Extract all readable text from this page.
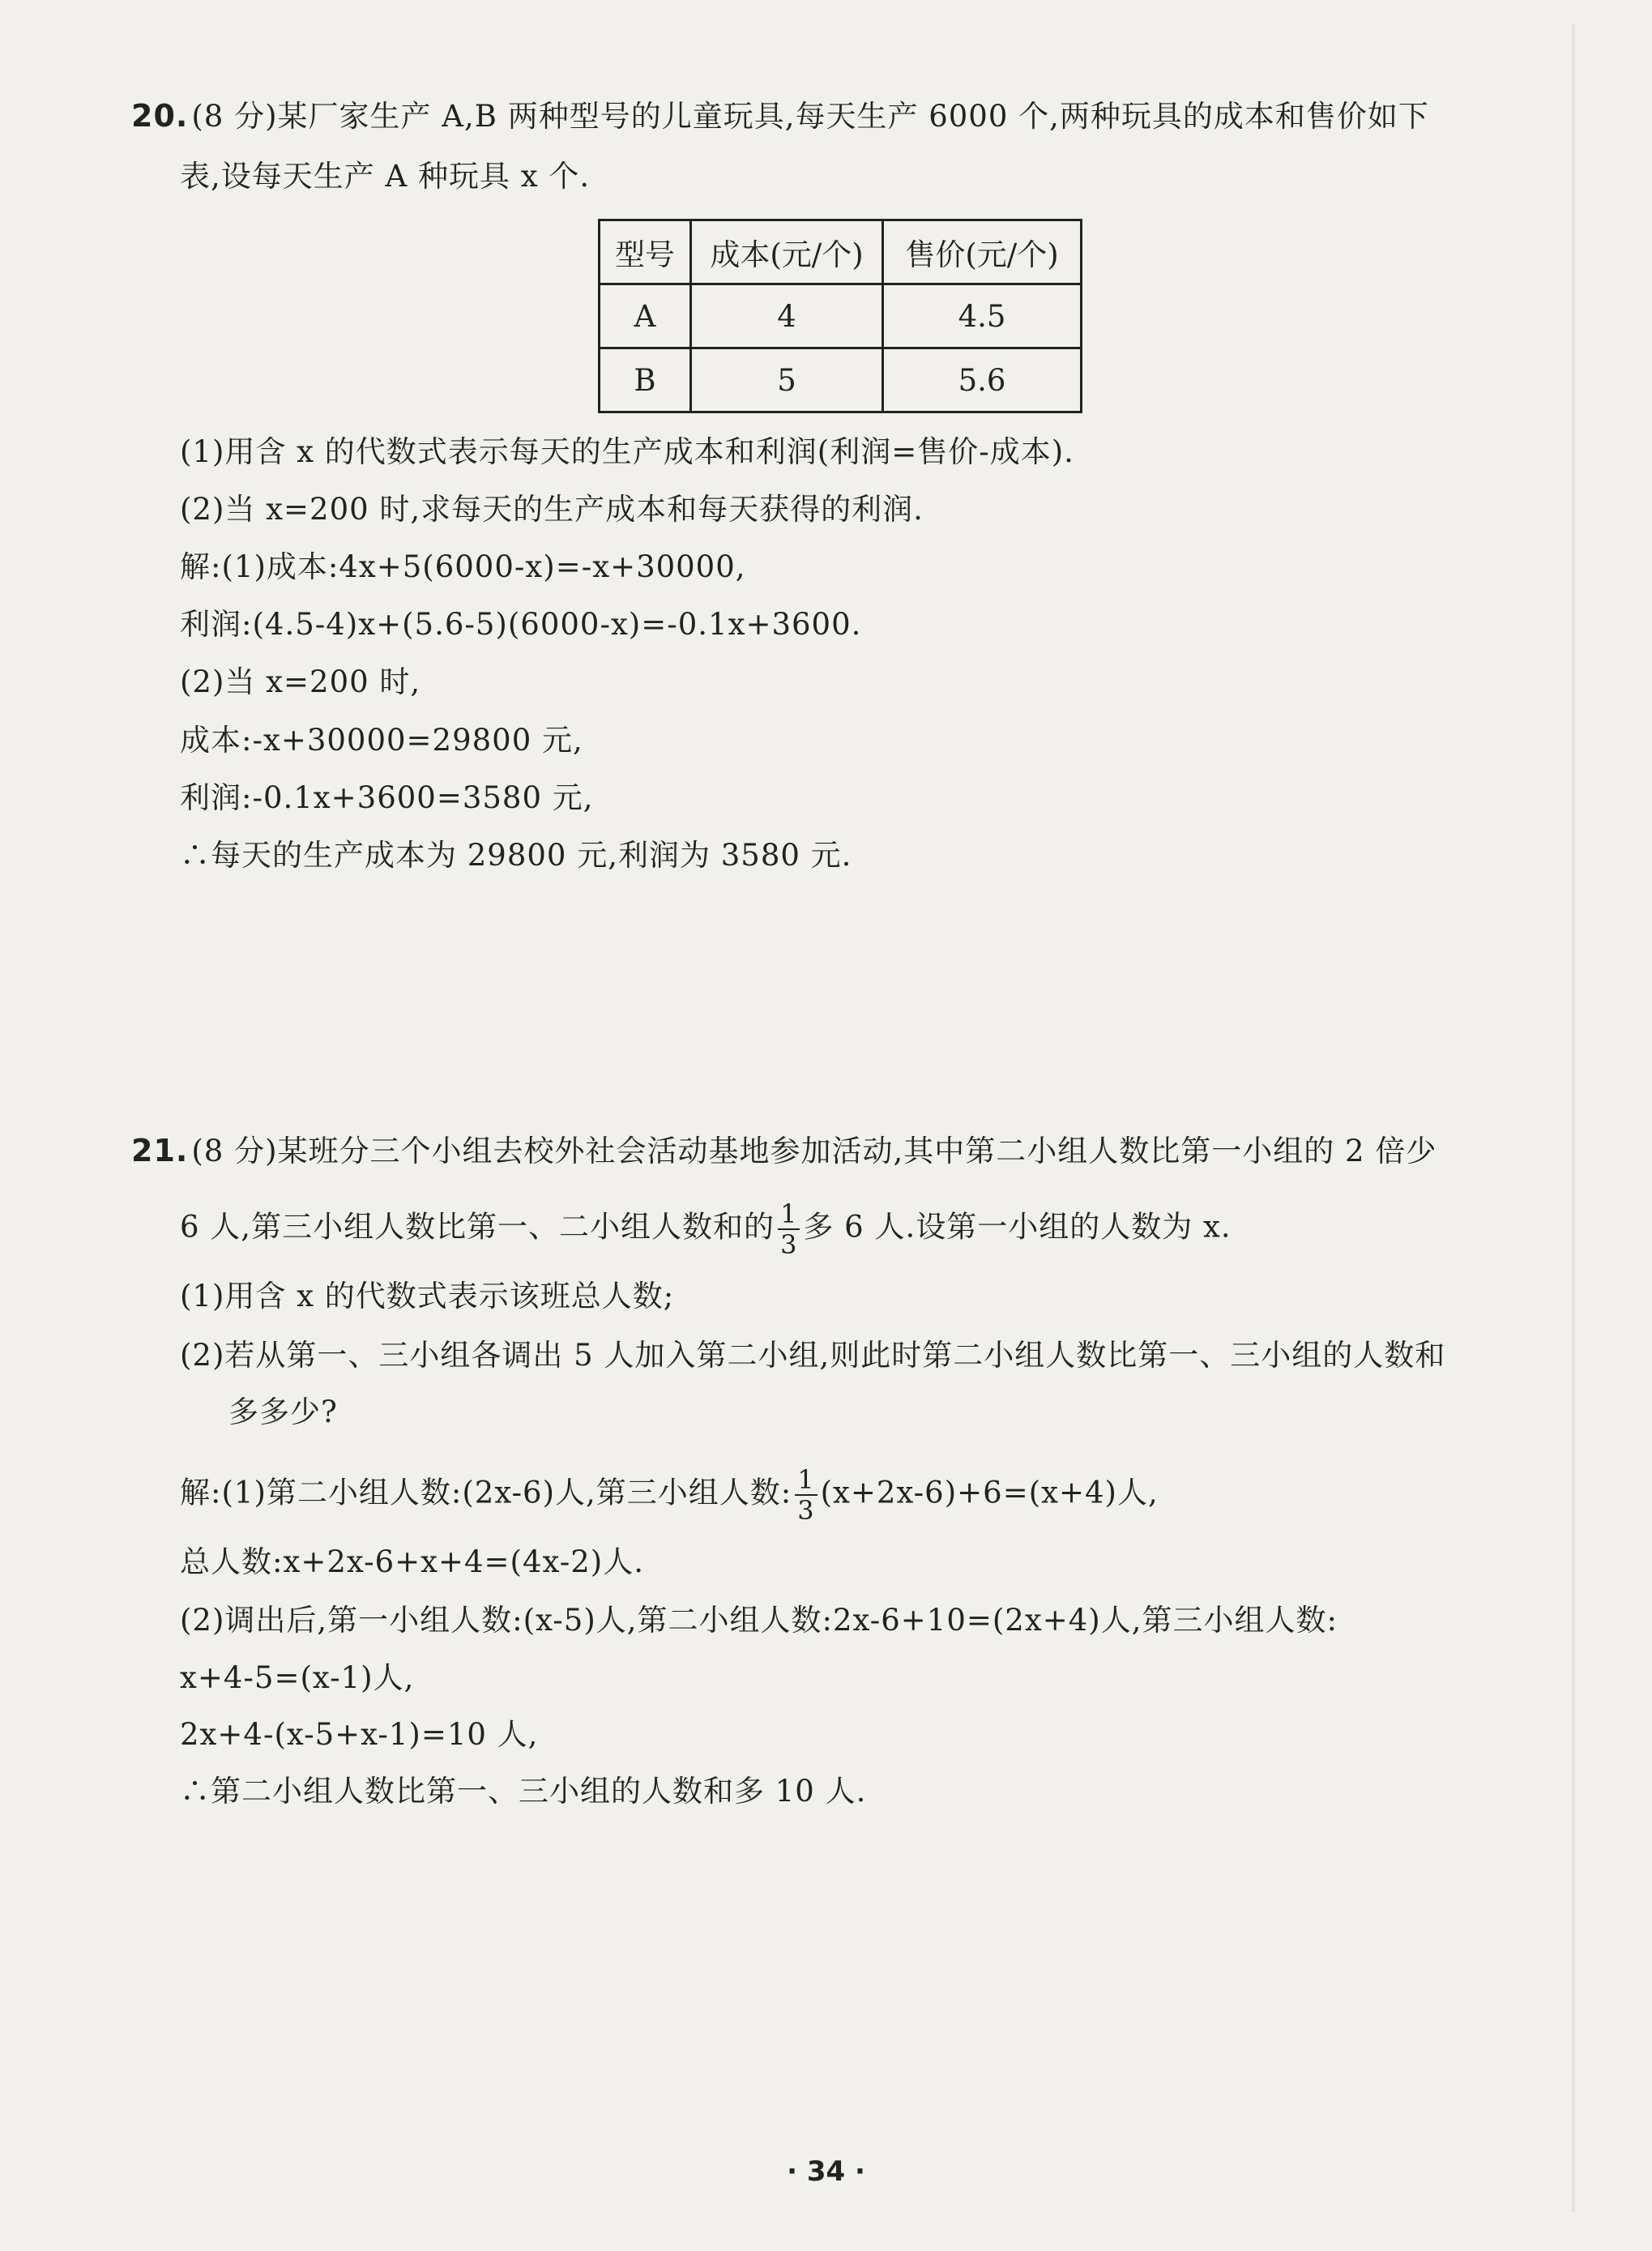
20. (8 分)某厂家生产 A,B 两种型号的儿童玩具,每天生产 6000 个,两种玩具的成本和售价如下
表,设每天生产 A 种玩具 x 个.
型号	成本(元/个)	售价(元/个)
A	4	4.5
B	5	5.6
(1)用含 x 的代数式表示每天的生产成本和利润(利润=售价-成本).
(2)当 x=200 时,求每天的生产成本和每天获得的利润.
解:(1)成本:4x+5(6000-x)=-x+30000,
利润:(4.5-4)x+(5.6-5)(6000-x)=-0.1x+3600.
(2)当 x=200 时,
成本:-x+30000=29800 元,
利润:-0.1x+3600=3580 元,
∴每天的生产成本为 29800 元,利润为 3580 元.
21. (8 分)某班分三个小组去校外社会活动基地参加活动,其中第二小组人数比第一小组的 2 倍少
6 人,第三小组人数比第一、二小组人数和的 $\frac{1}{3}$ 多 6 人.设第一小组的人数为 x.
(1)用含 x 的代数式表示该班总人数;
(2)若从第一、三小组各调出 5 人加入第二小组,则此时第二小组人数比第一、三小组的人数和
多多少?
解:(1)第二小组人数:(2x-6)人,第三小组人数: $\frac{1}{3} (x+2x-6)+6=(x+4)$人,
总人数:x+2x-6+x+4=(4x-2)人.
(2)调出后,第一小组人数:(x-5)人,第二小组人数:2x-6+10=(2x+4)人,第三小组人数:
x+4-5=(x-1)人,
2x+4-(x-5+x-1)=10 人,
∴第二小组人数比第一、三小组的人数和多 10 人.
· 34 ·
